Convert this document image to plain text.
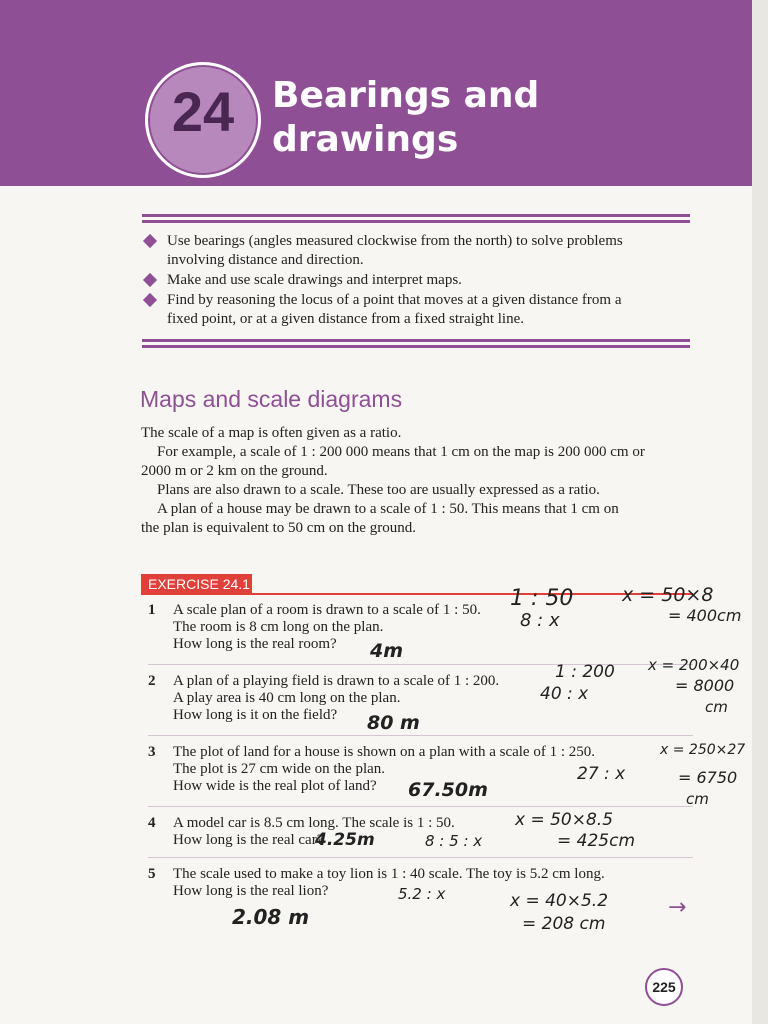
24	Bearings and
drawings
Use bearings (angles measured clockwise from the north) to solve problems
involving distance and direction.
Make and use scale drawings and interpret maps.
Find by reasoning the locus of a point that moves at a given distance from a
fixed point, or at a given distance from a fixed straight line.
Maps and scale diagrams

The scale of a map is often given as a ratio.

For example, a scale of 1 : 200 000 means that 1 cm on the map is 200 000 cm or

2000 m or 2 km on the ground.

Plans are also drawn to a scale. These too are usually expressed as a ratio.

A plan of a house may be drawn to a scale of 1 : 50. This means that 1 cm on

the plan is equivalent to 50 cm on the ground.

EXERCISE 24.1
1 A scale plan of a room is drawn to a scale of 1 : 50.
The room is 8 cm long on the plan.
How long is the real room?
2 A plan of a playing field is drawn to a scale of 1 : 200.
A play area is 40 cm long on the plan.
How long is it on the field?
3 The plot of land for a house is shown on a plan with a scale of 1 : 250.
The plot is 27 cm wide on the plan.
How wide is the real plot of land?
4 A model car is 8.5 cm long. The scale is 1 : 50.
How long is the real car?
5 The scale used to make a toy lion is 1 : 40 scale. The toy is 5.2 cm long.
How long is the real lion?
1 : 50
8 : x
x = 50×8
= 400cm
4m
1 : 200
40 : x
x = 200×40
= 8000
cm
80 m
x = 250×27
27 : x	= 6750
cm
67.50m
4.25m	8 : 5 : x
x = 50×8.5
= 425cm
5.2 : x	x = 40×5.2
= 208 cm
2.08 m	→
225
